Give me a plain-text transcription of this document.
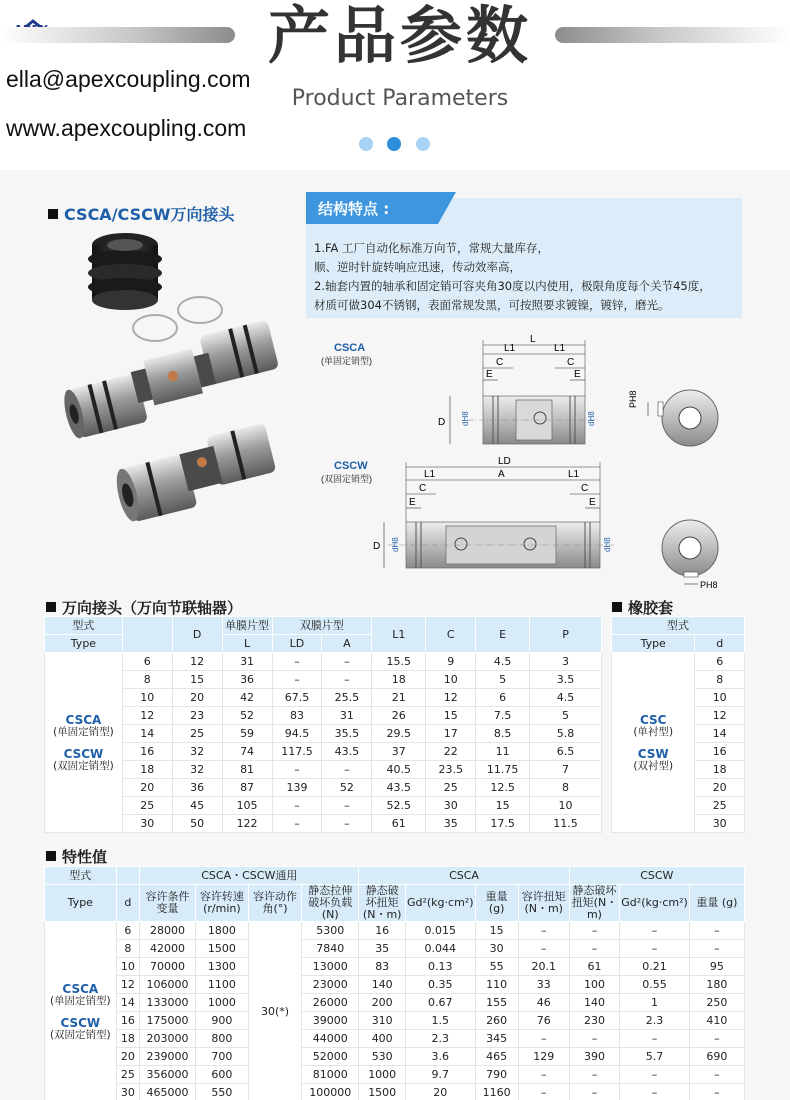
产品参数
Product Parameters
ella@apexcoupling.com
www.apexcoupling.com
CSCA/CSCW万向接头	结构特点 :
1.FA 工厂自动化标准万向节，常规大量库存，
顺、逆时针旋转响应迅速，传动效率高，
2.轴套内置的轴承和固定销可容夹角30度以内使用，极限角度每个关节45度，
材质可做304不锈钢，表面常规发黑，可按照要求镀镍，镀锌，磨光。
CSCA
(单固定销型)
L
L1	L1
C	C
E	E
D dH8	dH8
PH8
CSCW
(双固定销型)
LD
L1	A	L1
C	C
E	E
D dH8	dH8
PH8
万向接头（万向节联轴器）
型式		D	单膜片型	双膜片型		L1	C	E	P
Type			L	LD	A				

CSCA
(单固定销型)
CSCW
(双固定销型)	6	12	31	–	–	15.5	9	4.5	3
	8	15	36	–	–	18	10	5	3.5
	10	20	42	67.5	25.5	21	12	6	4.5
	12	23	52	83	31	26	15	7.5	5
	14	25	59	94.5	35.5	29.5	17	8.5	5.8
	16	32	74	117.5	43.5	37	22	11	6.5
	18	32	81	–	–	40.5	23.5	11.75	7
	20	36	87	139	52	43.5	25	12.5	8
	25	45	105	–	–	52.5	30	15	10
	30	50	122	–	–	61	35	17.5	11.5
橡胶套
型式	
Type	d

CSC
(单衬型)
CSW
(双衬型)	6
	8
	10
	12
	14
	16
	18
	20
	25
	30
特性值
型式		CSCA・CSCW通用				CSCA				CSCW		
		容许条件变量	容许转速(r/min)	容许动作角(°)	静态拉伸破坏负载(N)	静态破坏扭矩(N・m)	Gd²(kg·cm²)	重量 (g)	容许扭矩(N・m)	静态破坏扭矩(N・m)	Gd²(kg·cm²)	重量 (g)
Type	d											

CSCA
(单固定销型)
CSCW
(双固定销型)	6	28000	1800	30(*)	5300	16	0.015	15	–	–	–	–
	8	42000	1500		7840	35	0.044	30	–	–	–	–
	10	70000	1300		13000	83	0.13	55	20.1	61	0.21	95
	12	106000	1100		23000	140	0.35	110	33	100	0.55	180
	14	133000	1000		26000	200	0.67	155	46	140	1	250
	16	175000	900		39000	310	1.5	260	76	230	2.3	410
	18	203000	800		44000	400	2.3	345	–	–	–	–
	20	239000	700		52000	530	3.6	465	129	390	5.7	690
	25	356000	600		81000	1000	9.7	790	–	–	–	–
	30	465000	550		100000	1500	20	1160	–	–	–	–
